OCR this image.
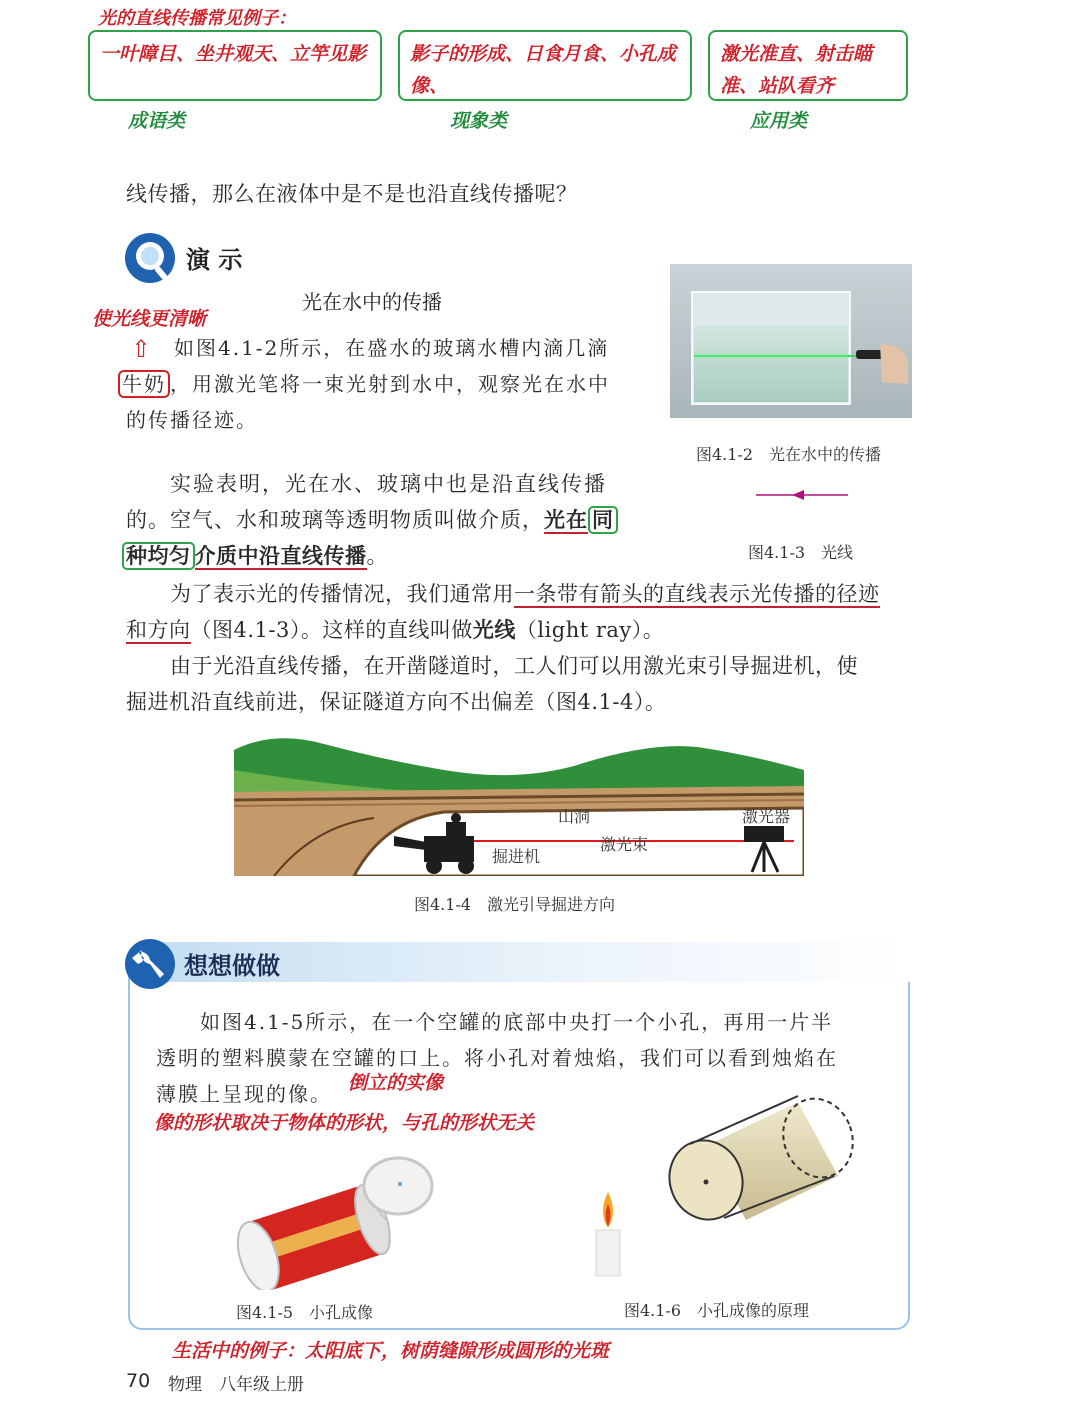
光的直线传播常见例子：
一叶障目、坐井观天、立竿见影	影子的形成、日食月食、小孔成像、
激光准直、射击瞄准、站队看齐
成语类	现象类	应用类
线传播，那么在液体中是不是也沿直线传播呢？
演 示
光在水中的传播
使光线更清晰
⇧ 如图4.1-2所示，在盛水的玻璃水槽内滴几滴
牛奶 ，用激光笔将一束光射到水中，观察光在水中
的传播径迹。
图4.1-2　光在水中的传播
图4.1-3　光线
实验表明，光在水、玻璃中也是沿直线传播
的。空气、水和玻璃等透明物质叫做介质，光在 同
种均匀 介质中沿直线传播。
为了表示光的传播情况，我们通常用一条带有箭头的直线表示光传播的径迹
和方向（图4.1-3）。这样的直线叫做光线（light ray）。
由于光沿直线传播，在开凿隧道时，工人们可以用激光束引导掘进机，使
掘进机沿直线前进，保证隧道方向不出偏差（图4.1-4）。
山洞	激光器
激光束
掘进机
图4.1-4　激光引导掘进方向
想想做做
如图4.1-5所示，在一个空罐的底部中央打一个小孔，再用一片半
透明的塑料膜蒙在空罐的口上。将小孔对着烛焰，我们可以看到烛焰在
薄膜上呈现的像。 倒立的实像
像的形状取决于物体的形状，与孔的形状无关
图4.1-5　小孔成像	图4.1-6　小孔成像的原理
生活中的例子：太阳底下，树荫缝隙形成圆形的光斑
70 物理　八年级上册
